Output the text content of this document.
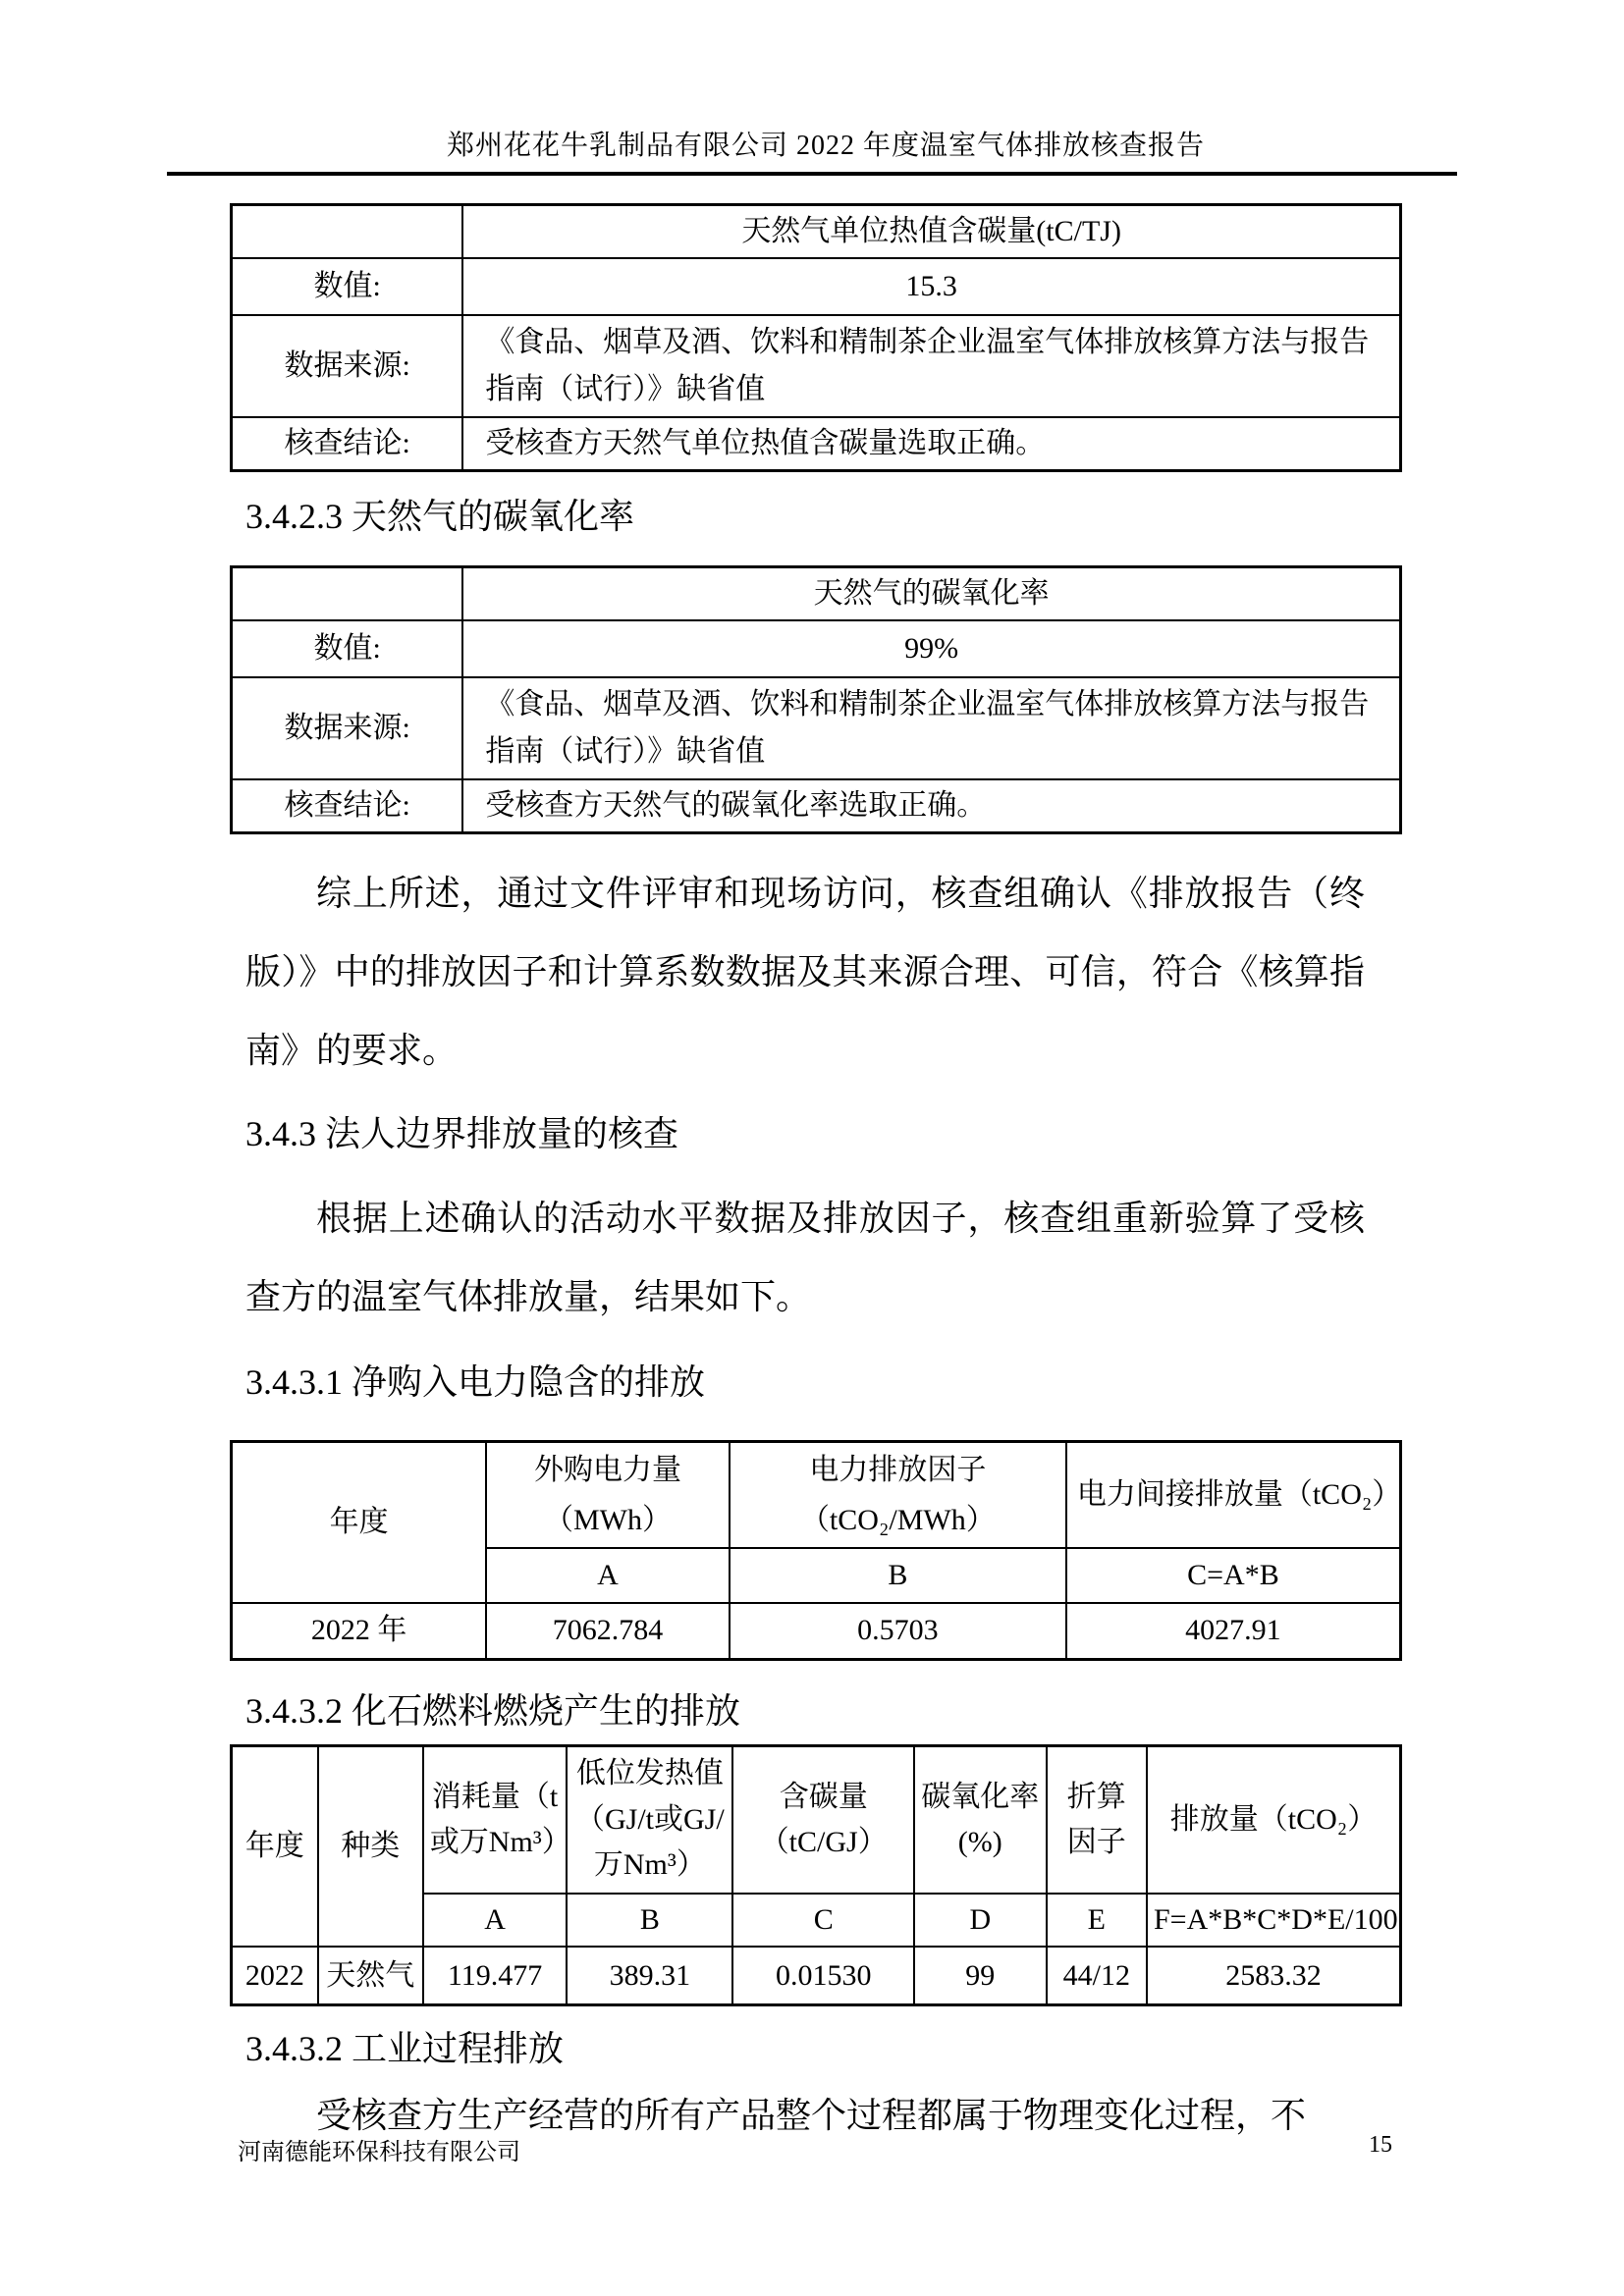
郑州花花牛乳制品有限公司 2022 年度温室气体排放核查报告
	天然气单位热值含碳量(tC/TJ)
数值:	15.3
数据来源:	《食品、烟草及酒、饮料和精制茶企业温室气体排放核算方法与报告指南（试行）》缺省值
核查结论:	受核查方天然气单位热值含碳量选取正确。
3.4.2.3 天然气的碳氧化率
	天然气的碳氧化率
数值:	99%
数据来源:	《食品、烟草及酒、饮料和精制茶企业温室气体排放核算方法与报告指南（试行）》缺省值
核查结论:	受核查方天然气的碳氧化率选取正确。
综上所述，通过文件评审和现场访问，核查组确认《排放报告（终版）》中的排放因子和计算系数数据及其来源合理、可信，符合《核算指南》的要求。
3.4.3 法人边界排放量的核查
根据上述确认的活动水平数据及排放因子，核查组重新验算了受核查方的温室气体排放量，结果如下。
3.4.3.1 净购入电力隐含的排放
年度	外购电力量（MWh）	电力排放因子（tCO₂/MWh）	电力间接排放量（tCO₂）
	A	B	C=A*B
2022 年	7062.784	0.5703	4027.91
3.4.3.2 化石燃料燃烧产生的排放
年度	种类	消耗量（t或万Nm³）	低位发热值（GJ/t或GJ/万Nm³）	含碳量（tC/GJ）	碳氧化率(%)	折算因子	排放量（tCO₂）
		A	B	C	D	E	F=A*B*C*D*E/100
2022	天然气	119.477	389.31	0.01530	99	44/12	2583.32
3.4.3.2 工业过程排放
受核查方生产经营的所有产品整个过程都属于物理变化过程，不
河南德能环保科技有限公司	15
